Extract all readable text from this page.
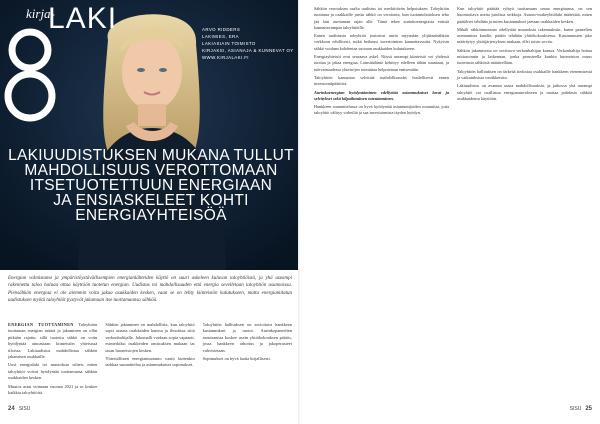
kirja-
LAKI	ARVO RIDDERS
LAKIMIES, ERA
LAKIASIAIN TOIMISTO
KIRJAKSI, ASIANAJA & KUNNEVAT OY
WWW.KIRJALAKI.FI
LAKIUUDISTUKSEN MUKANA TULLUT
MAHDOLLISUUS VEROTTOMAAN
ITSETUOTETTUUN ENERGIAAN
JA ENSIASKELEET KOHTI
ENERGIAYHTEISÖÄ

Energian valmistamo ja ympäristöystävällisempien energianlähteiden käyttö on suuri askeleen kuluvan taloyhtiöistä, ja yhä useampi rakennettu taloa haluaa ottaa käyttöön tuotetun energian. Uudistus toi mahdollisuuden että energia sovelletaan taloyhtiön asunnoissa. Piensähkön energiaa ei ole aiemmin voitu jakaa asukkaiden kesken, vaan se on tehty kiinteistön kulutukseen, mutta energiamitatun uudistuksen myötä taloyhtiöt pystyvät jakamaan itse tuottamaansa sähköä.

ENERGIAN TUOTTAMINEN Taloyhtiön tuottaman energian määrä ja jakaminen on ollut pitkään rajattu, sillä tuotettu sähkö on voitu hyödyntää ainoastaan kiinteistön yhteisissä tiloissa. Lakiuudistus mahdollistaa sähkön jakamisen asukkaille.

Uusi energialaki toi muutoksia siihen, miten taloyhtiöt voivat hyödyntää tuottamansa sähkön osakkaiden kesken.

Muutos astui voimaan vuonna 2021 ja se koskee kaikkia taloyhtiöitä.

Sähkön jakaminen on mahdollista, kun taloyhtiö sopii asiasta osakkaiden kanssa ja ilmoittaa siitä verkonhaltijalle. Jakomalli voidaan sopia vapaasti, esimerkiksi osakkeiden omistuksen mukaan tai tasan huoneistojen kesken.

Yhteisöllinen energiantuotanto vaatii kuitenkin tarkkaa suunnittelua ja asianmukaiset sopimukset.

Taloyhtiön hallituksen on arvioitava hankkeen kustannukset ja tuotot. Aurinkopaneelien asentamista koskee usein yhtiökokouksen päätös, jossa hankkeen rahoitus ja jakoperusteet vahvistetaan.

Sopimukset on hyvä laatia kirjallisesti.

24 SISU

Sähkön verotuksen osalta uudistus toi merkittävän helpotuksen. Taloyhtiön tuottama ja osakkaille jaettu sähkö on verotonta, kun tuotantolaitoksen teho jää lain asettaman rajan alle. Tämä tekee aurinkoenergiasta entistä kannattavampaa taloyhtiöille.

Ennen uudistusta taloyhtiöt joutuivat usein myymään ylijäämäsähkön verkkoon edullisesti, mikä heikensi investointien kannattavuutta. Nykyisin sähkö voidaan kohdentaa suoraan asukkaiden kulutukseen.

Energiayhteisöt ovat seuraava askel. Niissä useampi kiinteistö voi yhdessä tuottaa ja jakaa energiaa. Lainsäädäntö kehittyy edelleen tähän suuntaan, ja tulevaisuudessa yhteisöjen toimintaa helpotetaan entisestään.

Taloyhtiön kannattaa selvittää mahdollisuudet huolellisesti ennen investointipäätöstä.

Aurinkoenergian hyödyntäminen edellyttää asianmukaiset luvat ja selvitykset sekä kilpailutuksen toteuttaminen.

Hankkeen suunnittelussa on hyvä hyödyntää asiantuntijoiden osaamista, jotta taloyhtiö välttyy virheiltä ja saa investoinnista täyden hyödyn.

Kun taloyhtiö päättää ryhtyä tuottamaan omaa energiaansa, on sen huomioitava useita juridisia seikkoja. Asunto-osakeyhtiölaki määrittää, miten päätökset tehdään ja miten kustannukset jaetaan osakkaiden kesken.

Mikäli sähköntuotanto edellyttää muutoksia rakennuksiin, kuten paneelien asentamista katolle, päätös tehdään yhtiökokouksessa. Kustannusten jako määräytyy yhtiöjärjestyksen mukaan, ellei toisin sovita.

Sähkön jakamisesta on sovittava verkonhaltijan kanssa. Verkonhaltija hoitaa mittaroinnin ja laskennan, jonka perusteella kunkin huoneiston osuus tuotetusta sähköstä määritellään.

Taloyhtiön hallituksen on tärkeää tiedottaa osakkaille hankkeen etenemisestä ja vaikutuksista vastikkeisiin.

Lakiuudistus on avannut uusia mahdollisuuksia, ja jatkossa yhä useampi taloyhtiö voi osallistua energiamurrokseen ja tuottaa puhdasta sähköä asukkaidensa käyttöön.

SISU 25
